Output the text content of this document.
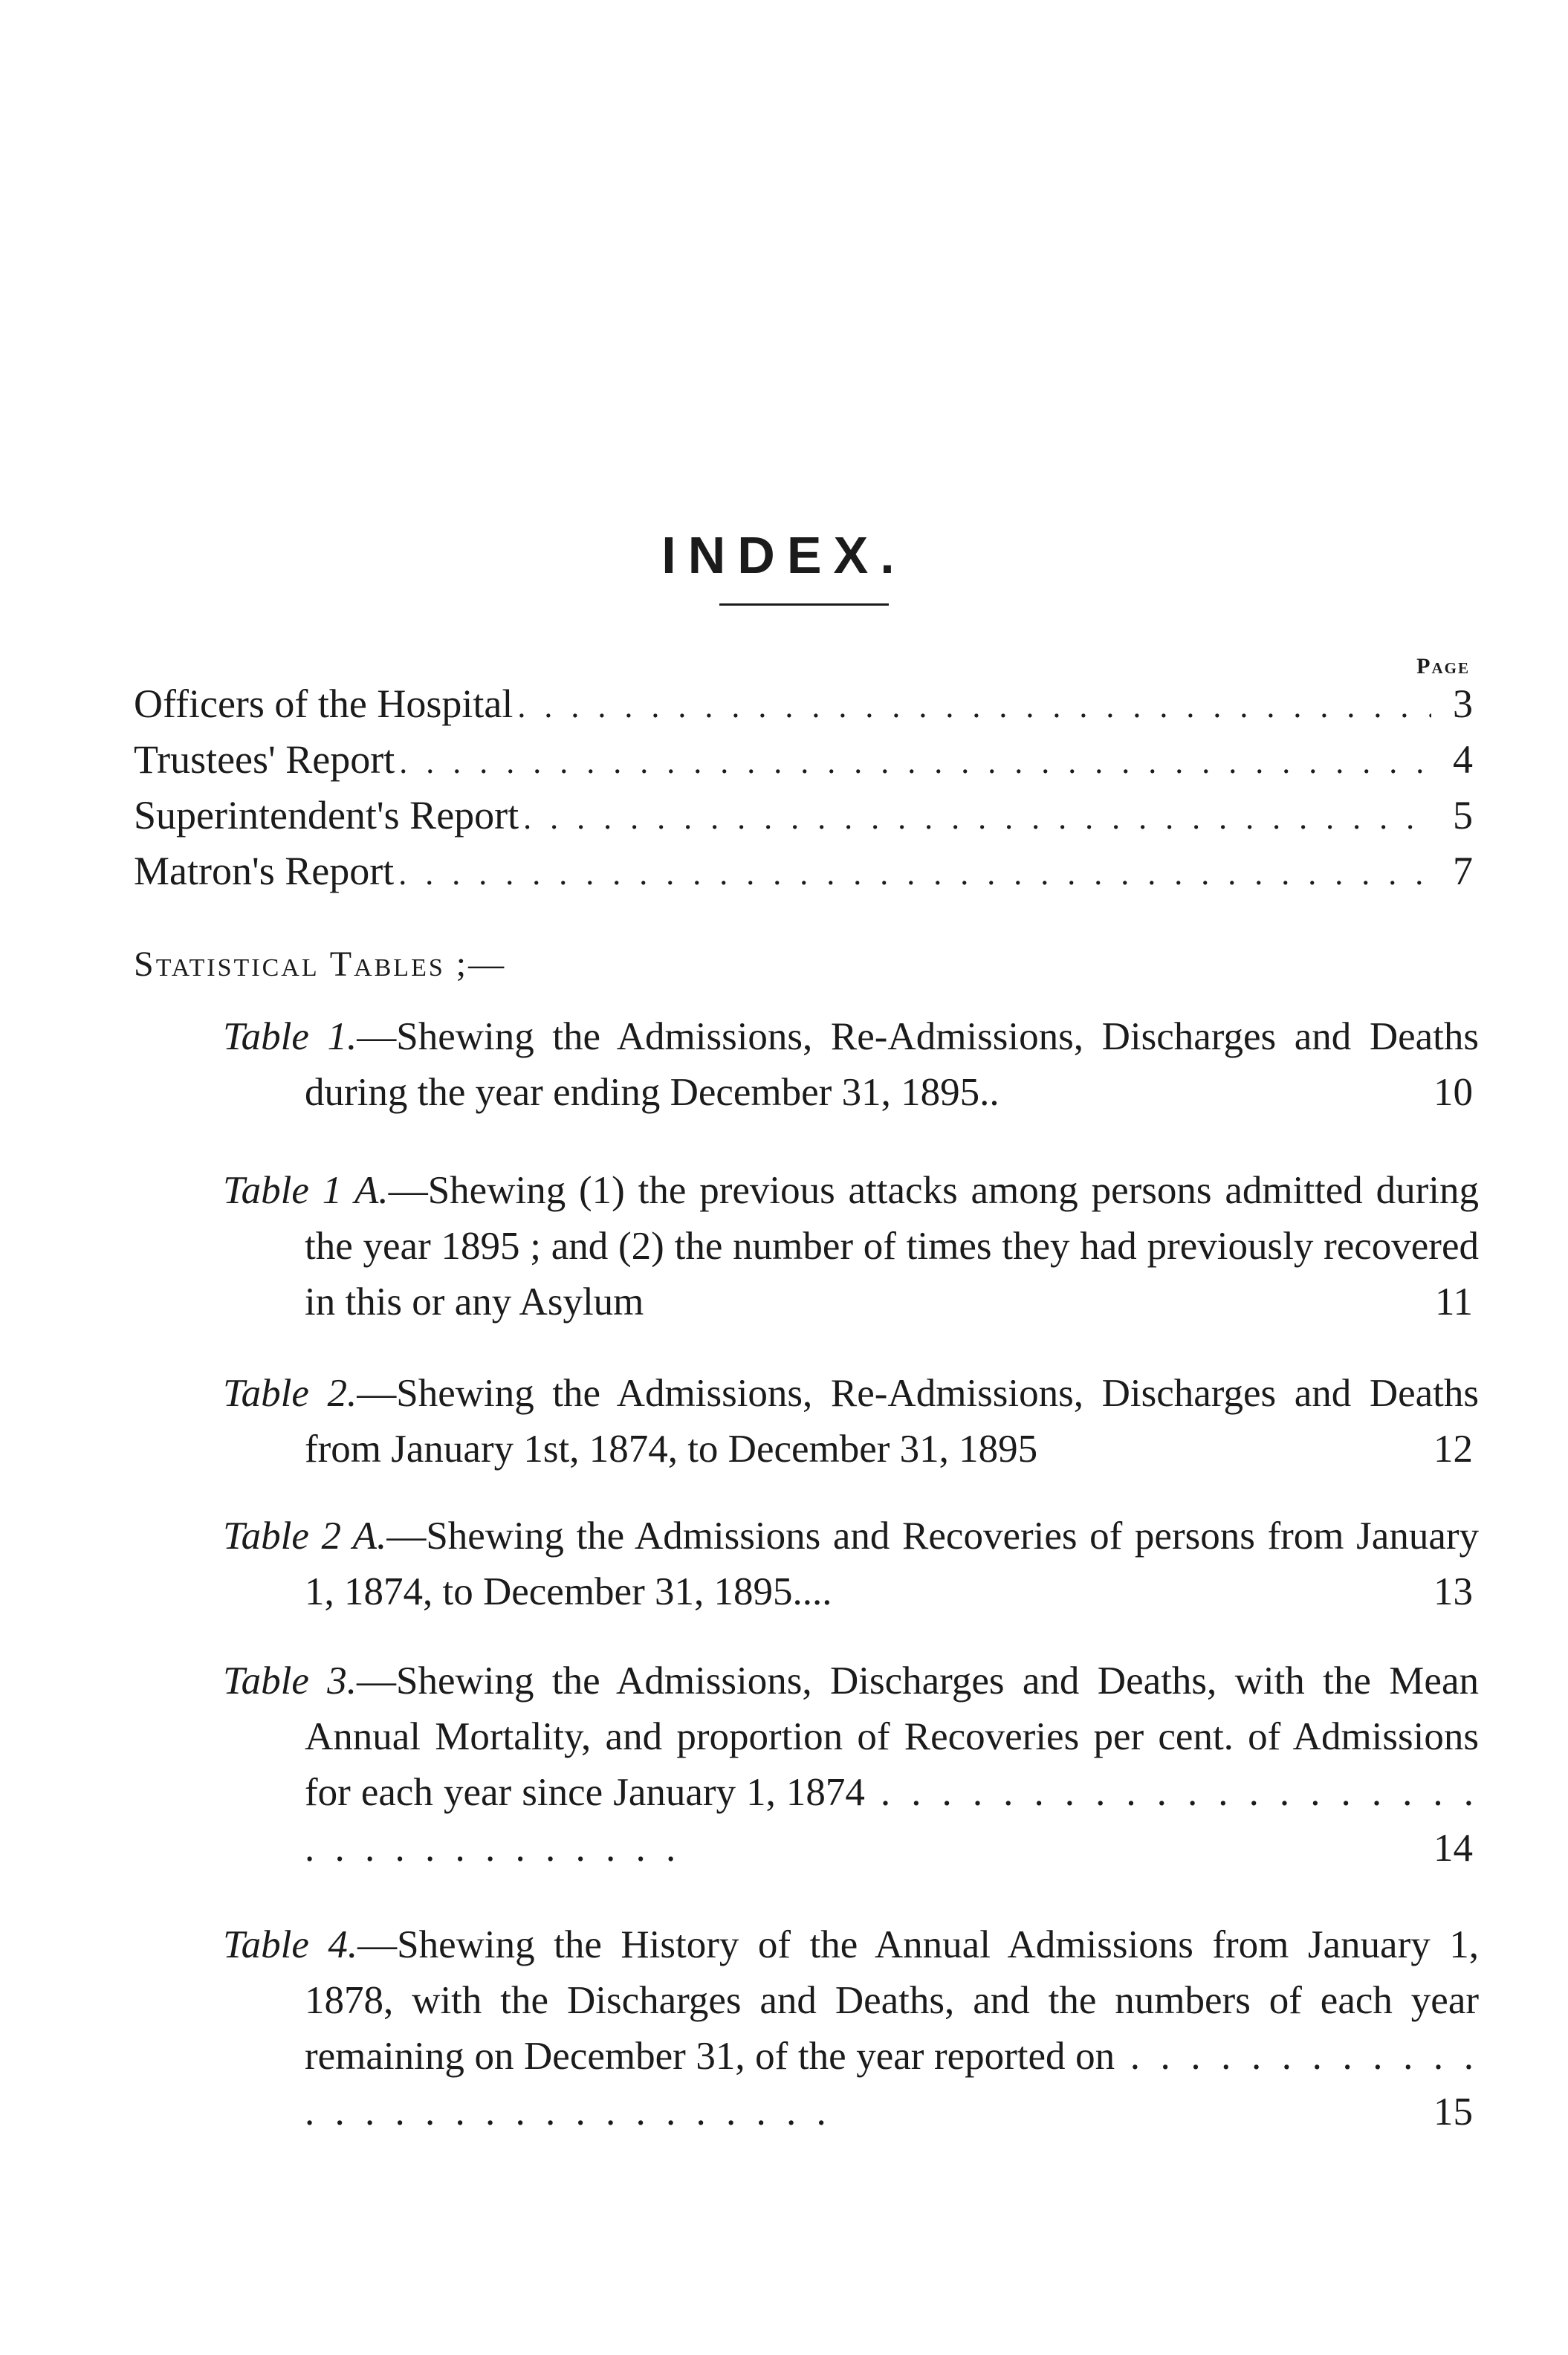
INDEX.
Page
Officers of the Hospital . . .	3
Trustees' Report . . .	4
Superintendent's Report . . .	5
Matron's Report . . .	7
Statistical Tables ;—
Table 1.—Shewing the Admissions, Re-Admissions, Discharges and Deaths during the year ending December 31, 1895..	10
Table 1 A.—Shewing (1) the previous attacks among persons admitted during the year 1895 ; and (2) the number of times they had previously recovered in this or any Asylum	11
Table 2.—Shewing the Admissions, Re-Admissions, Discharges and Deaths from January 1st, 1874, to December 31, 1895	12
Table 2 A.—Shewing the Admissions and Recoveries of persons from January 1, 1874, to December 31, 1895....	13
Table 3.—Shewing the Admissions, Discharges and Deaths, with the Mean Annual Mortality, and proportion of Recoveries per cent. of Admissions for each year since January 1, 1874 . . . . . . . . . . . . . . . . . . . . . . . . . . . . . . . . .	14
Table 4.—Shewing the History of the Annual Admissions from January 1, 1878, with the Discharges and Deaths, and the numbers of each year remaining on December 31, of the year reported on . . . . . . . . . . . . . . . . . . . . . . . . . . . . . .	15
